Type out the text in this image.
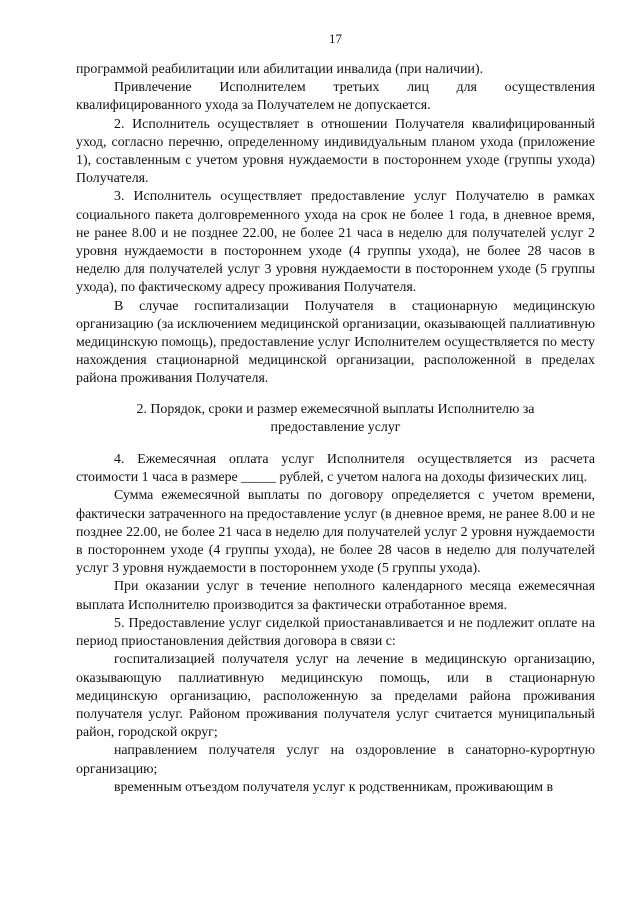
17

программой реабилитации или абилитации инвалида (при наличии).

Привлечение Исполнителем третьих лиц для осуществления квалифицированного ухода за Получателем не допускается.

2. Исполнитель осуществляет в отношении Получателя квалифицированный уход, согласно перечню, определенному индивидуальным планом ухода (приложение 1), составленным с учетом уровня нуждаемости в постороннем уходе (группы ухода) Получателя.

3. Исполнитель осуществляет предоставление услуг Получателю в рамках социального пакета долговременного ухода на срок не более 1 года, в дневное время, не ранее 8.00 и не позднее 22.00, не более 21 часа в неделю для получателей услуг 2 уровня нуждаемости в постороннем уходе (4 группы ухода), не более 28 часов в неделю для получателей услуг 3 уровня нуждаемости в постороннем уходе (5 группы ухода), по фактическому адресу проживания Получателя.

В случае госпитализации Получателя в стационарную медицинскую организацию (за исключением медицинской организации, оказывающей паллиативную медицинскую помощь), предоставление услуг Исполнителем осуществляется по месту нахождения стационарной медицинской организации, расположенной в пределах района проживания Получателя.

2. Порядок, сроки и размер ежемесячной выплаты Исполнителю за
предоставление услуг

4. Ежемесячная оплата услуг Исполнителя осуществляется из расчета стоимости 1 часа в размере _____ рублей, с учетом налога на доходы физических лиц.

Сумма ежемесячной выплаты по договору определяется с учетом времени, фактически затраченного на предоставление услуг (в дневное время, не ранее 8.00 и не позднее 22.00, не более 21 часа в неделю для получателей услуг 2 уровня нуждаемости в постороннем уходе (4 группы ухода), не более 28 часов в неделю для получателей услуг 3 уровня нуждаемости в постороннем уходе (5 группы ухода).

При оказании услуг в течение неполного календарного месяца ежемесячная выплата Исполнителю производится за фактически отработанное время.

5. Предоставление услуг сиделкой приостанавливается и не подлежит оплате на период приостановления действия договора в связи с:

госпитализацией получателя услуг на лечение в медицинскую организацию, оказывающую паллиативную медицинскую помощь, или в стационарную медицинскую организацию, расположенную за пределами района проживания получателя услуг. Районом проживания получателя услуг считается муниципальный район, городской округ;

направлением получателя услуг на оздоровление в санаторно-курортную организацию;

временным отъездом получателя услуг к родственникам, проживающим в
